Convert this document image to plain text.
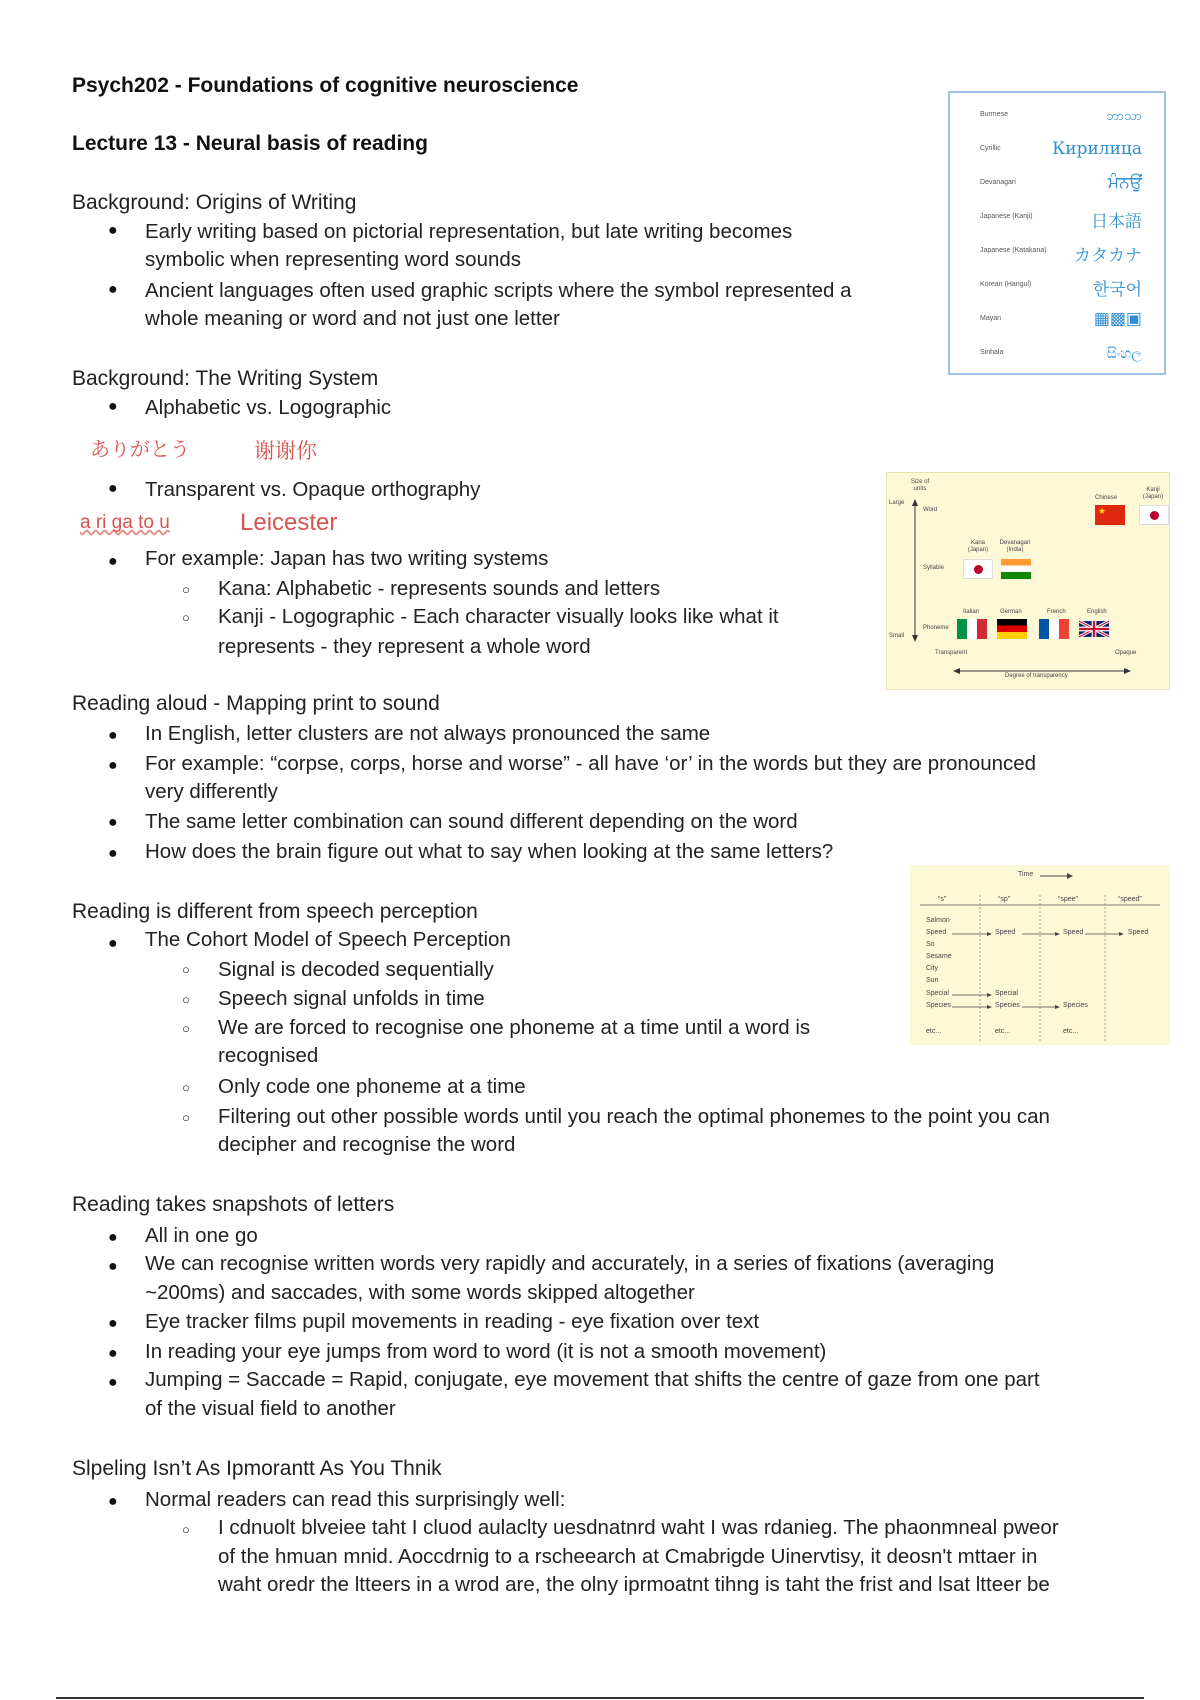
Psych202 - Foundations of cognitive neuroscience
Lecture 13 - Neural basis of reading
Background: Origins of Writing
● Early writing based on pictorial representation, but late writing becomes
symbolic when representing word sounds
● Ancient languages often used graphic scripts where the symbol represented a
whole meaning or word and not just one letter
Background: The Writing System
● Alphabetic vs. Logographic
ありがとう	谢谢你
● Transparent vs. Opaque orthography
a ri ga to u	Leicester
● For example: Japan has two writing systems
○ Kana: Alphabetic - represents sounds and letters
○ Kanji - Logographic - Each character visually looks like what it
represents - they represent a whole word
Reading aloud - Mapping print to sound
● In English, letter clusters are not always pronounced the same
● For example: “corpse, corps, horse and worse” - all have ‘or’ in the words but they are pronounced
very differently
● The same letter combination can sound different depending on the word
● How does the brain figure out what to say when looking at the same letters?
Reading is different from speech perception
● The Cohort Model of Speech Perception
○ Signal is decoded sequentially
○ Speech signal unfolds in time
○ We are forced to recognise one phoneme at a time until a word is
recognised
○ Only code one phoneme at a time
○ Filtering out other possible words until you reach the optimal phonemes to the point you can
decipher and recognise the word
Reading takes snapshots of letters
● All in one go
● We can recognise written words very rapidly and accurately, in a series of fixations (averaging
~200ms) and saccades, with some words skipped altogether
● Eye tracker films pupil movements in reading - eye fixation over text
● In reading your eye jumps from word to word (it is not a smooth movement)
● Jumping = Saccade = Rapid, conjugate, eye movement that shifts the centre of gaze from one part
of the visual field to another
Slpeling Isn’t As Ipmorantt As You Thnik
● Normal readers can read this surprisingly well:
○ I cdnuolt blveiee taht I cluod aulaclty uesdnatnrd waht I was rdanieg. The phaonmneal pweor
of the hmuan mnid. Aoccdrnig to a rscheearch at Cmabrigde Uinervtisy, it deosn't mttaer in
waht oredr the ltteers in a wrod are, the olny iprmoatnt tihng is taht the frist and lsat ltteer be
Burmese	ဘာသာ
Cyrillic	Кирилица
Devanagari	ਮੰਨਉਂ
Japanese (Kanji)	日本語
Japanese (Katakana) カタカナ
Korean (Hangul)	한국어
Mayan	▦▩▣
Sinhala	සිංහල
Size of units
Large
Small
Word
Syllable
Phoneme
Transparent	Opaque
Degree of transparency
Chinese
Kanji (Japan)
Kana (Japan)
Devanagari (India)
Italian	German	French	English
★
Time
“s”	“sp”	“spee”	“speed”
Salmon
Speed
So
Sesame
City
Sun
Special
Species
etc...
Speed
Special
Species
etc...
Speed
Species
etc...
Speed
